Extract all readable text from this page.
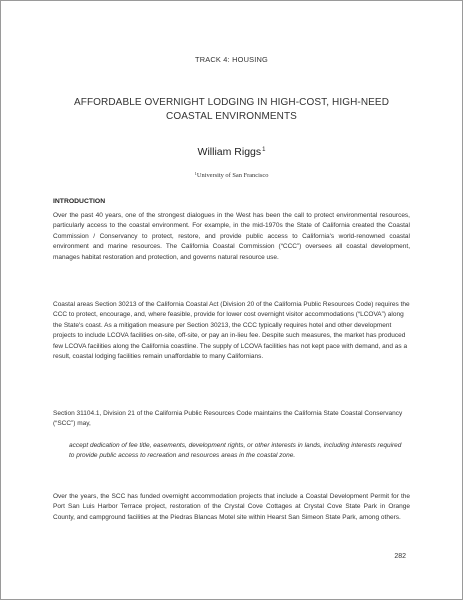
TRACK 4: HOUSING
AFFORDABLE OVERNIGHT LODGING IN HIGH-COST, HIGH-NEED COASTAL ENVIRONMENTS
William Riggs$^1$
$^1$University of San Francisco
INTRODUCTION

Over the past 40 years, one of the strongest dialogues in the West has been the call to protect environmental resources, particularly access to the coastal environment. For example, in the mid-1970s the State of California created the Coastal Commission / Conservancy to protect, restore, and provide public access to California's world-renowned coastal environment and marine resources. The California Coastal Commission (“CCC”) oversees all coastal development, manages habitat restoration and protection, and governs natural resource use.

Coastal areas Section 30213 of the California Coastal Act (Division 20 of the California Public Resources Code) requires the CCC to protect, encourage, and, where feasible, provide for lower cost overnight visitor accommodations (“LCOVA”) along the State's coast. As a mitigation measure per Section 30213, the CCC typically requires hotel and other development projects to include LCOVA facilities on-site, off-site, or pay an in-lieu fee. Despite such measures, the market has produced few LCOVA facilities along the California coastline. The supply of LCOVA facilities has not kept pace with demand, and as a result, coastal lodging facilities remain unaffordable to many Californians.

Section 31104.1, Division 21 of the California Public Resources Code maintains the California State Coastal Conservancy (“SCC”) may,

accept dedication of fee title, easements, development rights, or other interests in lands, including interests required to provide public access to recreation and resources areas in the coastal zone.

Over the years, the SCC has funded overnight accommodation projects that include a Coastal Development Permit for the Port San Luis Harbor Terrace project, restoration of the Crystal Cove Cottages at Crystal Cove State Park in Orange County, and campground facilities at the Piedras Blancas Motel site within Hearst San Simeon State Park, among others.

282
